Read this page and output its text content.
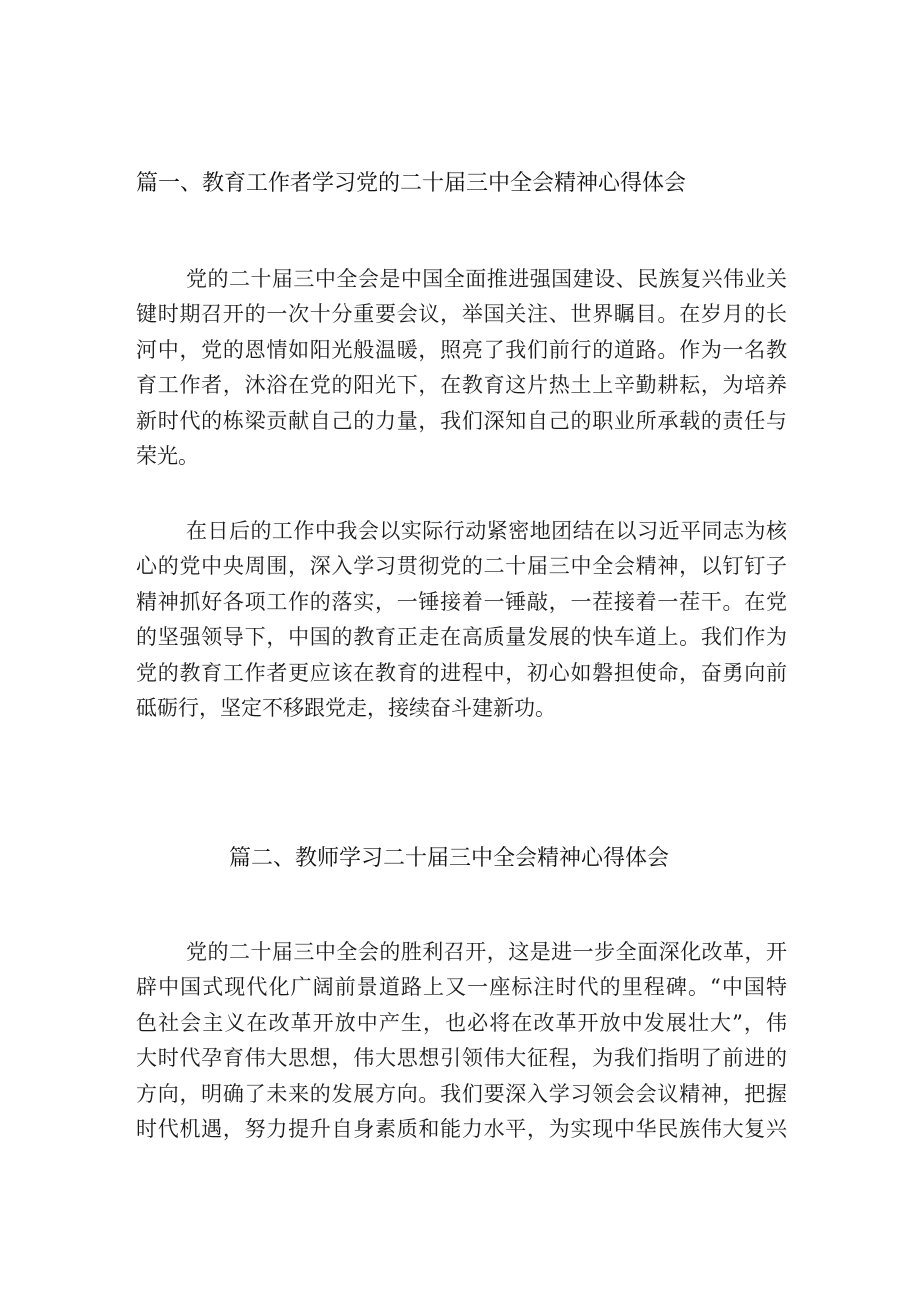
篇一、教育工作者学习党的二十届三中全会精神心得体会
党的二十届三中全会是中国全面推进强国建设、民族复兴伟业关
键时期召开的一次十分重要会议，举国关注、世界瞩目。在岁月的长
河中，党的恩情如阳光般温暖，照亮了我们前行的道路。作为一名教
育工作者，沐浴在党的阳光下，在教育这片热土上辛勤耕耘，为培养
新时代的栋梁贡献自己的力量，我们深知自己的职业所承载的责任与
荣光。
在日后的工作中我会以实际行动紧密地团结在以习近平同志为核
心的党中央周围，深入学习贯彻党的二十届三中全会精神，以钉钉子
精神抓好各项工作的落实，一锤接着一锤敲，一茬接着一茬干。在党
的坚强领导下，中国的教育正走在高质量发展的快车道上。我们作为
党的教育工作者更应该在教育的进程中，初心如磐担使命，奋勇向前
砥砺行，坚定不移跟党走，接续奋斗建新功。
篇二、教师学习二十届三中全会精神心得体会
党的二十届三中全会的胜利召开，这是进一步全面深化改革，开
辟中国式现代化广阔前景道路上又一座标注时代的里程碑。“中国特
色社会主义在改革开放中产生，也必将在改革开放中发展壮大”，伟
大时代孕育伟大思想，伟大思想引领伟大征程，为我们指明了前进的
方向，明确了未来的发展方向。我们要深入学习领会会议精神，把握
时代机遇，努力提升自身素质和能力水平，为实现中华民族伟大复兴
